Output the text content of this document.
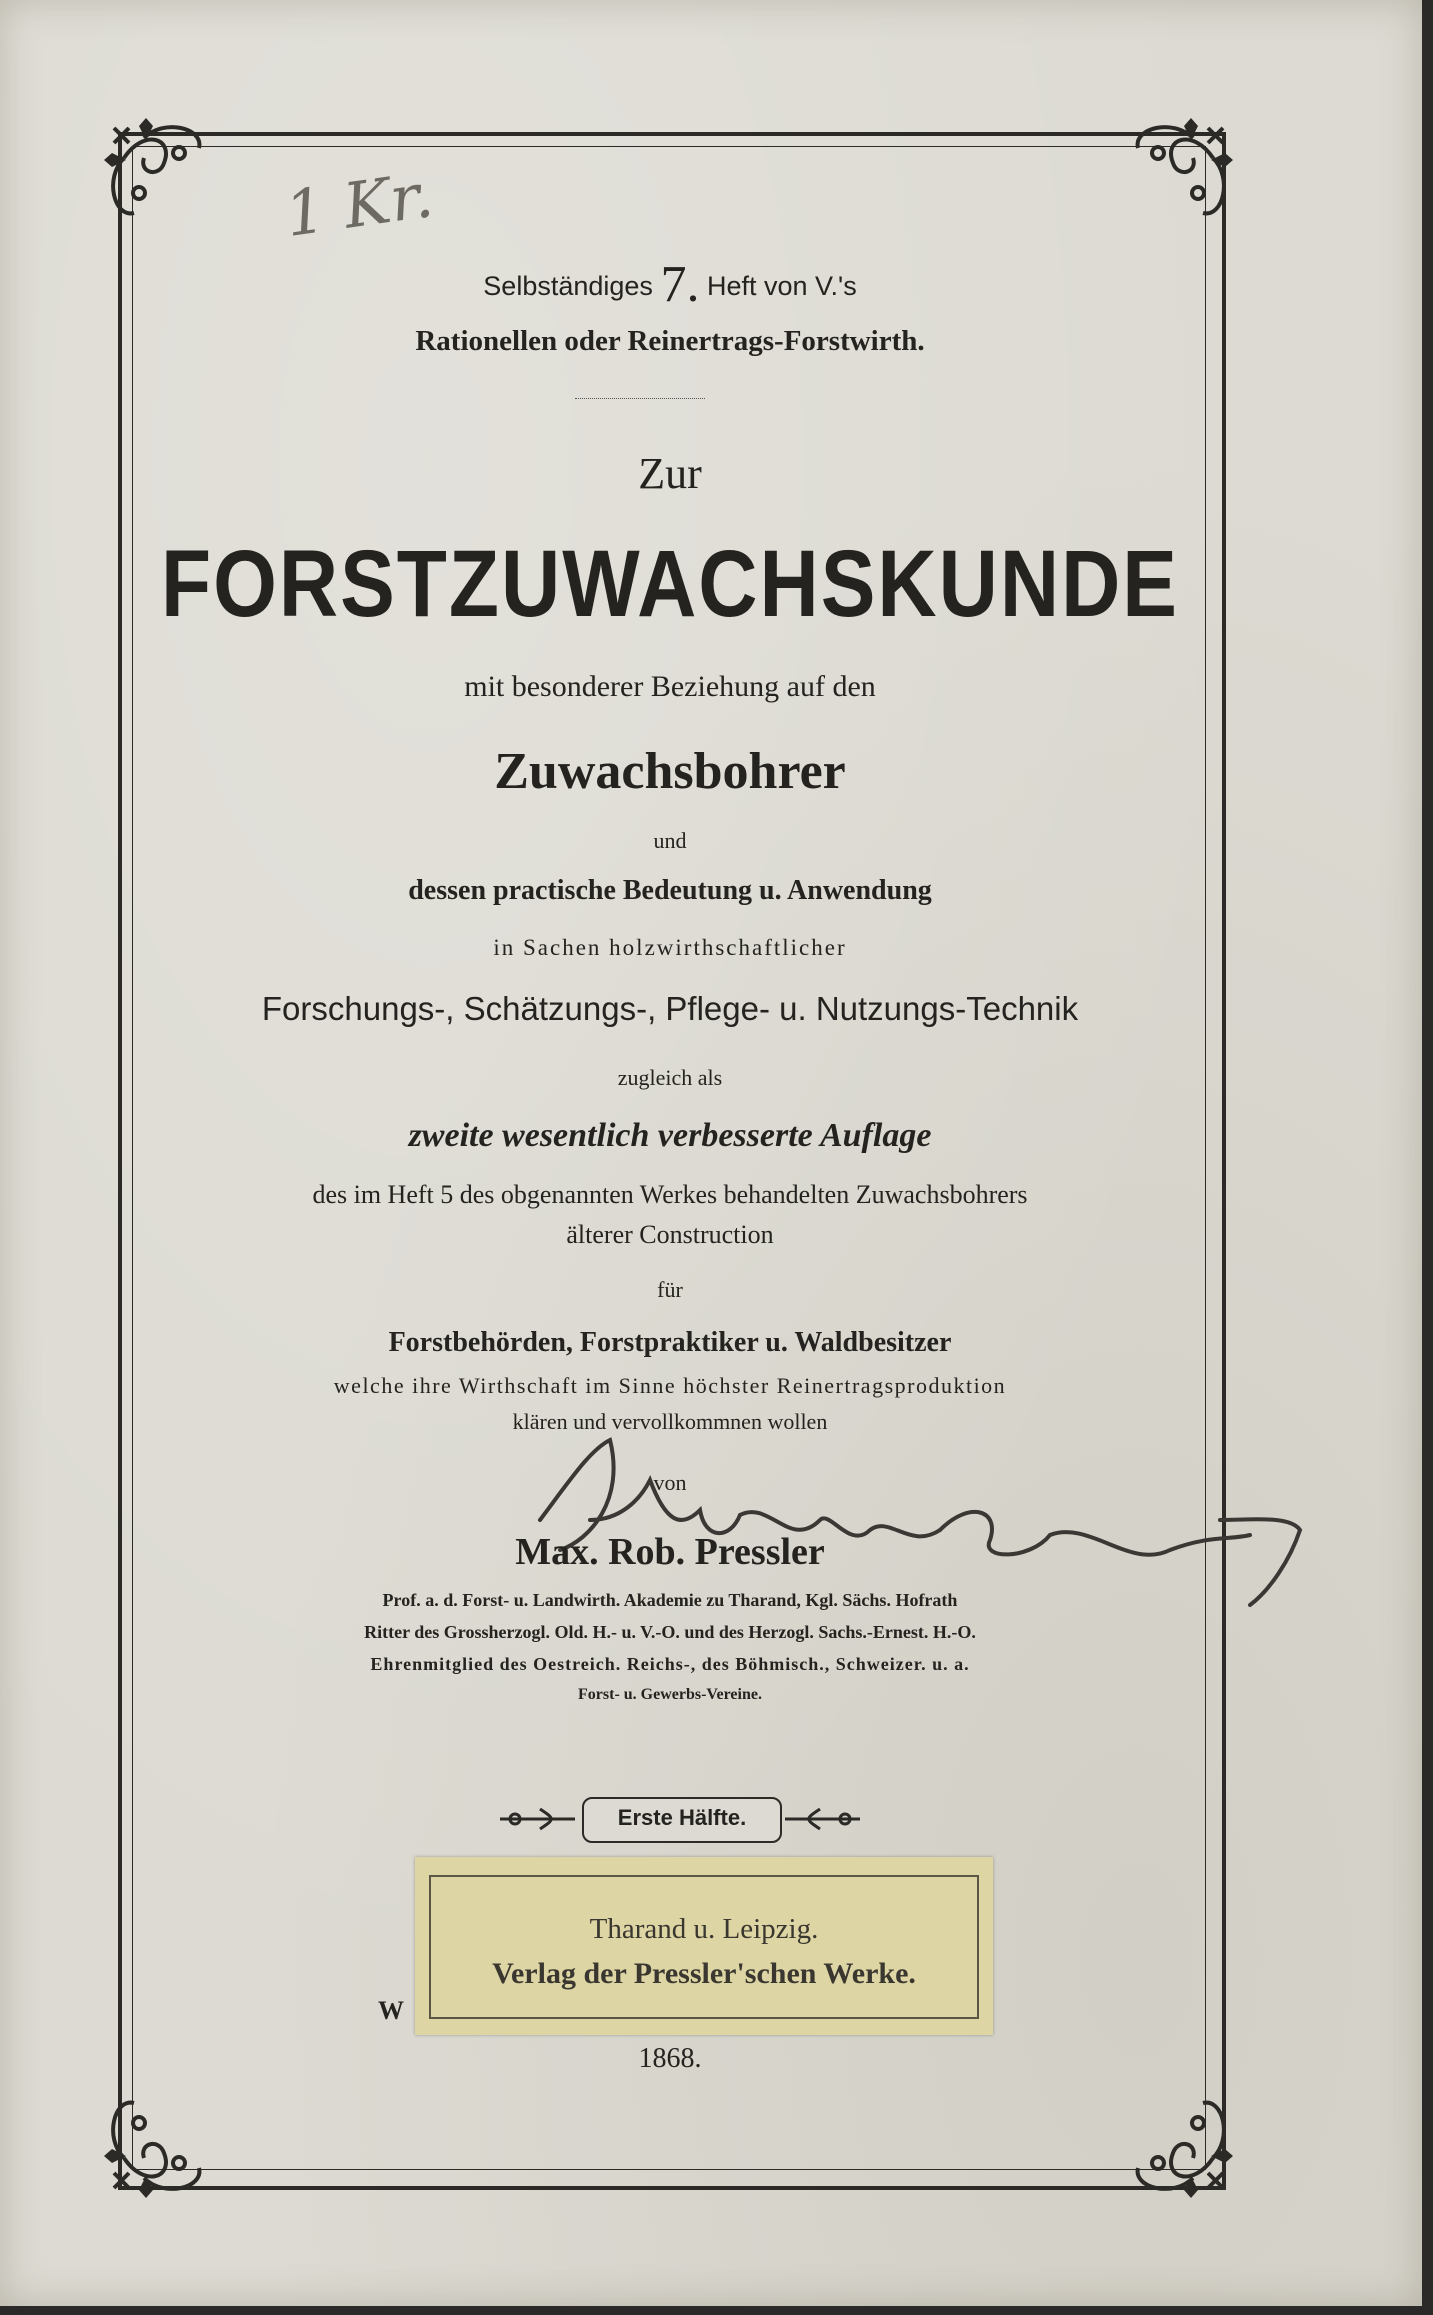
1 Kr.
Selbständiges 7. Heft von V.'s
Rationellen oder Reinertrags-Forstwirth.
Zur
FORSTZUWACHSKUNDE
mit besonderer Beziehung auf den
Zuwachsbohrer
und
dessen practische Bedeutung u. Anwendung
in Sachen holzwirthschaftlicher
Forschungs-, Schätzungs-, Pflege- u. Nutzungs-Technik
zugleich als
zweite wesentlich verbesserte Auflage
des im Heft 5 des obgenannten Werkes behandelten Zuwachsbohrers
älterer Construction
für
Forstbehörden, Forstpraktiker u. Waldbesitzer
welche ihre Wirthschaft im Sinne höchster Reinertragsproduktion
klären und vervollkommnen wollen
von
Max. Rob. Pressler
Prof. a. d. Forst- u. Landwirth. Akademie zu Tharand, Kgl. Sächs. Hofrath
Ritter des Grossherzogl. Old. H.- u. V.-O. und des Herzogl. Sachs.-Ernest. H.-O.
Ehrenmitglied des Oestreich. Reichs-, des Böhmisch., Schweizer. u. a.
Forst- u. Gewerbs-Vereine.
Erste Hälfte.
W
Tharand u. Leipzig.
Verlag der Pressler'schen Werke.
1868.
